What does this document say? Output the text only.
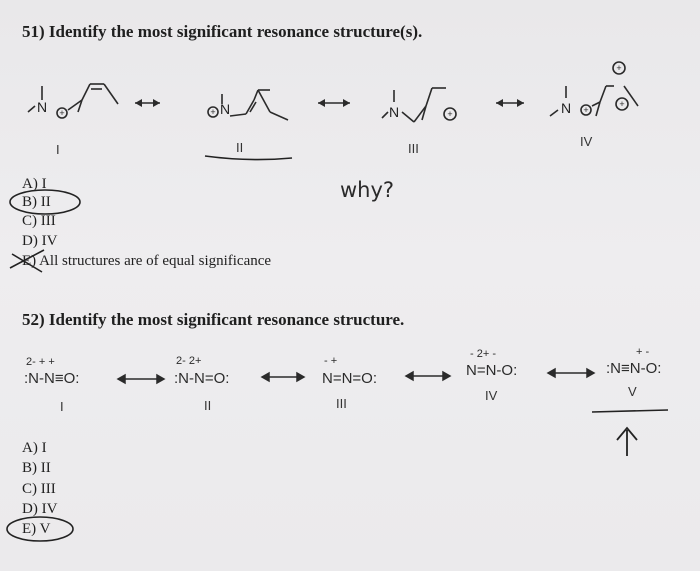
51) Identify the most significant resonance structure(s).
+	+	+	+
+
+
N	N	N	N
I	II	III	IV
A) I
B) II
C) III
D) IV
E) All structures are of equal significance
why?
52) Identify the most significant resonance structure.
2- + +
:N-N≡O:
I
2- 2+
:N-N=O:
II
- +
N=N=O:
III
- 2+ -
N=N-O:
IV
+ -
:N≡N-O:
V
A) I
B) II
C) III
D) IV
E) V
